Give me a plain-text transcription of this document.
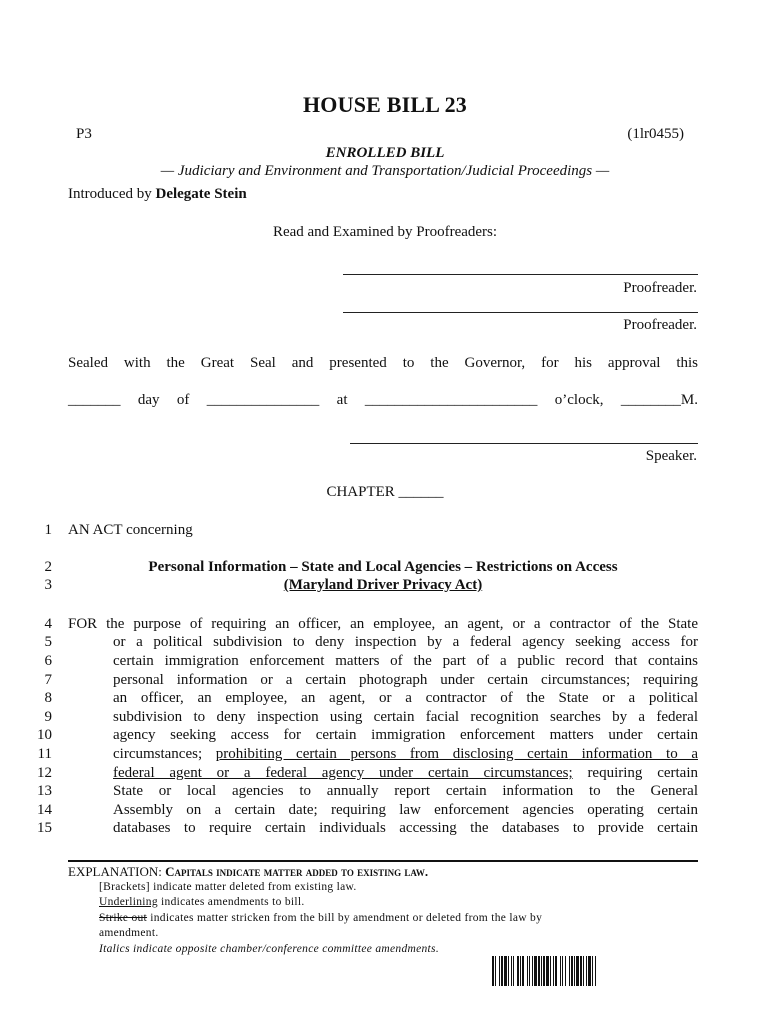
HOUSE BILL 23
P3	(1lr0455)
ENROLLED BILL
— Judiciary and Environment and Transportation/Judicial Proceedings —
Introduced by Delegate Stein
Read and Examined by Proofreaders:
Proofreader.
Proofreader.
Sealed with the Great Seal and presented to the Governor, for his approval this
_______ day of _______________ at _______________________ o’clock, ________M.
Speaker.
CHAPTER ______
1 AN ACT concerning
2	Personal Information – State and Local Agencies – Restrictions on Access
3	(Maryland Driver Privacy Act)
4 FOR the purpose of requiring an officer, an employee, an agent, or a contractor of the State
5	or a political subdivision to deny inspection by a federal agency seeking access for
6	certain immigration enforcement matters of the part of a public record that contains
7	personal information or a certain photograph under certain circumstances; requiring
8	an officer, an employee, an agent, or a contractor of the State or a political
9	subdivision to deny inspection using certain facial recognition searches by a federal
10	agency seeking access for certain immigration enforcement matters under certain
11	circumstances; prohibiting certain persons from disclosing certain information to a
12	federal agent or a federal agency under certain circumstances; requiring certain
13	State or local agencies to annually report certain information to the General
14	Assembly on a certain date; requiring law enforcement agencies operating certain
15	databases to require certain individuals accessing the databases to provide certain
EXPLANATION: Capitals indicate matter added to existing law.
[Brackets] indicate matter deleted from existing law.
Underlining indicates amendments to bill.
Strike out indicates matter stricken from the bill by amendment or deleted from the law by
amendment.
Italics indicate opposite chamber/conference committee amendments.
